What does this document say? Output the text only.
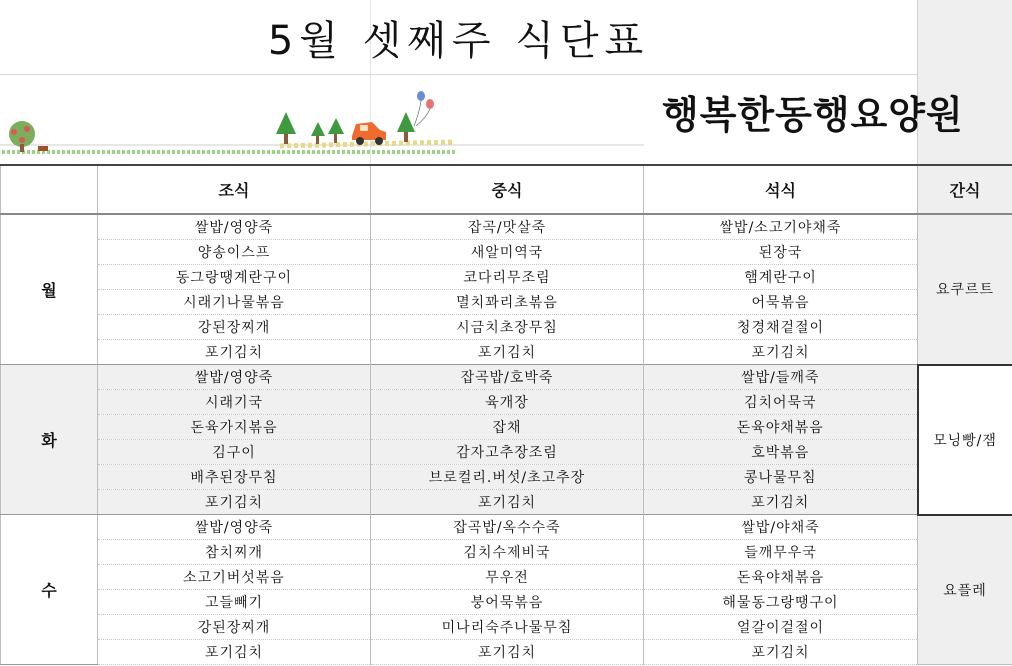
5월 셋째주 식단표
행복한동행요양원
	조식	중식	석식	간식
월	쌀밥/영양죽	잡곡/맛살죽	쌀밥/소고기야채죽	요쿠르트
	양송이스프	새알미역국	된장국	
	동그랑땡계란구이	코다리무조림	햄계란구이	
	시래기나물볶음	멸치꽈리초볶음	어묵볶음	
	강된장찌개	시금치초장무침	청경채겉절이	
	포기김치	포기김치	포기김치	
화	쌀밥/영양죽	잡곡밥/호박죽	쌀밥/들깨죽	모닝빵/잼
	시래기국	육개장	김치어묵국	
	돈육가지볶음	잡채	돈육야채볶음	
	김구이	감자고추장조림	호박볶음	
	배추된장무침	브로컬리.버섯/초고추장	콩나물무침	
	포기김치	포기김치	포기김치	
수	쌀밥/영양죽	잡곡밥/옥수수죽	쌀밥/야채죽	요플레
	참치찌개	김치수제비국	들깨무우국	
	소고기버섯볶음	무우전	돈육야채볶음	
	고들빼기	붕어묵볶음	해물동그랑땡구이	
	강된장찌개	미나리숙주나물무침	얼갈이겉절이	
	포기김치	포기김치	포기김치	
